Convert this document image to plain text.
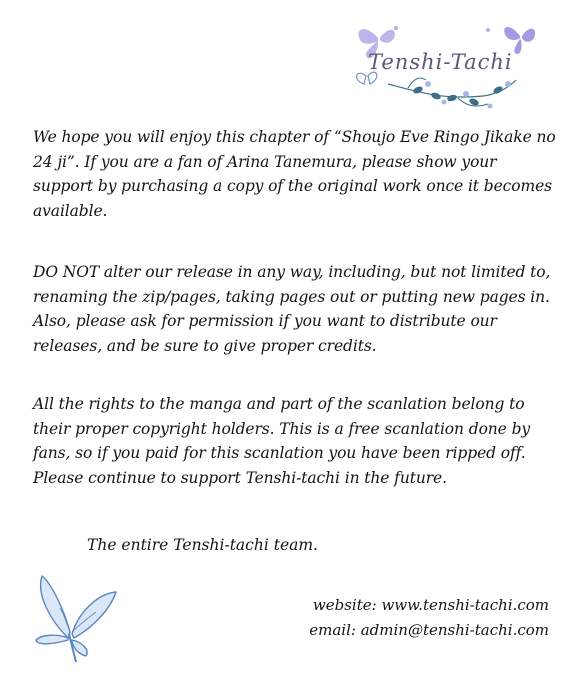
Tenshi-Tachi
We hope you will enjoy this chapter of “Shoujo Eve Ringo Jikake no 24 ji”. If you are a fan of Arina Tanemura, please show your support by purchasing a copy of the original work once it becomes available.
DO NOT alter our release in any way, including, but not limited to, renaming the zip/pages, taking pages out or putting new pages in. Also, please ask for permission if you want to distribute our releases, and be sure to give proper credits.
All the rights to the manga and part of the scanlation belong to their proper copyright holders. This is a free scanlation done by fans, so if you paid for this scanlation you have been ripped off. Please continue to support Tenshi-tachi in the future.
The entire Tenshi-tachi team.
website: www.tenshi-tachi.com
email: admin@tenshi-tachi.com
